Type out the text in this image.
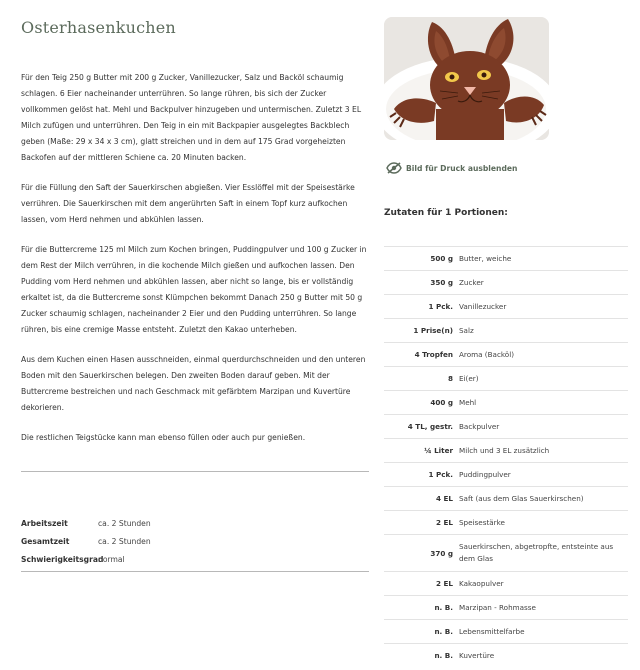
Osterhasenkuchen

Für den Teig 250 g Butter mit 200 g Zucker, Vanillezucker, Salz und Backöl schaumig schlagen. 6 Eier nacheinander unterrühren. So lange rühren, bis sich der Zucker vollkommen gelöst hat. Mehl und Backpulver hinzugeben und untermischen. Zuletzt 3 EL Milch zufügen und unterrühren. Den Teig in ein mit Backpapier ausgelegtes Backblech geben (Maße: 29 x 34 x 3 cm), glatt streichen und in dem auf 175 Grad vorgeheizten Backofen auf der mittleren Schiene ca. 20 Minuten backen.

Für die Füllung den Saft der Sauerkirschen abgießen. Vier Esslöffel mit der Speisestärke verrühren. Die Sauerkirschen mit dem angerührten Saft in einem Topf kurz aufkochen lassen, vom Herd nehmen und abkühlen lassen.

Für die Buttercreme 125 ml Milch zum Kochen bringen, Puddingpulver und 100 g Zucker in dem Rest der Milch verrühren, in die kochende Milch gießen und aufkochen lassen. Den Pudding vom Herd nehmen und abkühlen lassen, aber nicht so lange, bis er vollständig erkaltet ist, da die Buttercreme sonst Klümpchen bekommt Danach 250 g Butter mit 50 g Zucker schaumig schlagen, nacheinander 2 Eier und den Pudding unterrühren. So lange rühren, bis eine cremige Masse entsteht. Zuletzt den Kakao unterheben.

Aus dem Kuchen einen Hasen ausschneiden, einmal querdurchschneiden und den unteren Boden mit den Sauerkirschen belegen. Den zweiten Boden darauf geben. Mit der Buttercreme bestreichen und nach Geschmack mit gefärbtem Marzipan und Kuvertüre dekorieren.

Die restlichen Teigstücke kann man ebenso füllen oder auch pur genießen.

Arbeitszeit	ca. 2 Stunden
Gesamtzeit	ca. 2 Stunden
Schwierigkeitsgrad
normal
Bild für Druck ausblenden
Zutaten für 1 Portionen:
500 g Butter, weiche
350 g Zucker
1 Pck. Vanillezucker
1 Prise(n) Salz
4 Tropfen Aroma (Backöl)
8 Ei(er)
400 g Mehl
4 TL, gestr. Backpulver
¼ Liter Milch und 3 EL zusätzlich
1 Pck. Puddingpulver
4 EL Saft (aus dem Glas Sauerkirschen)
2 EL Speisestärke
370 g
Sauerkirschen, abgetropfte, entsteinte aus dem Glas
2 EL Kakaopulver
n. B. Marzipan - Rohmasse
n. B. Lebensmittelfarbe
n. B. Kuvertüre
